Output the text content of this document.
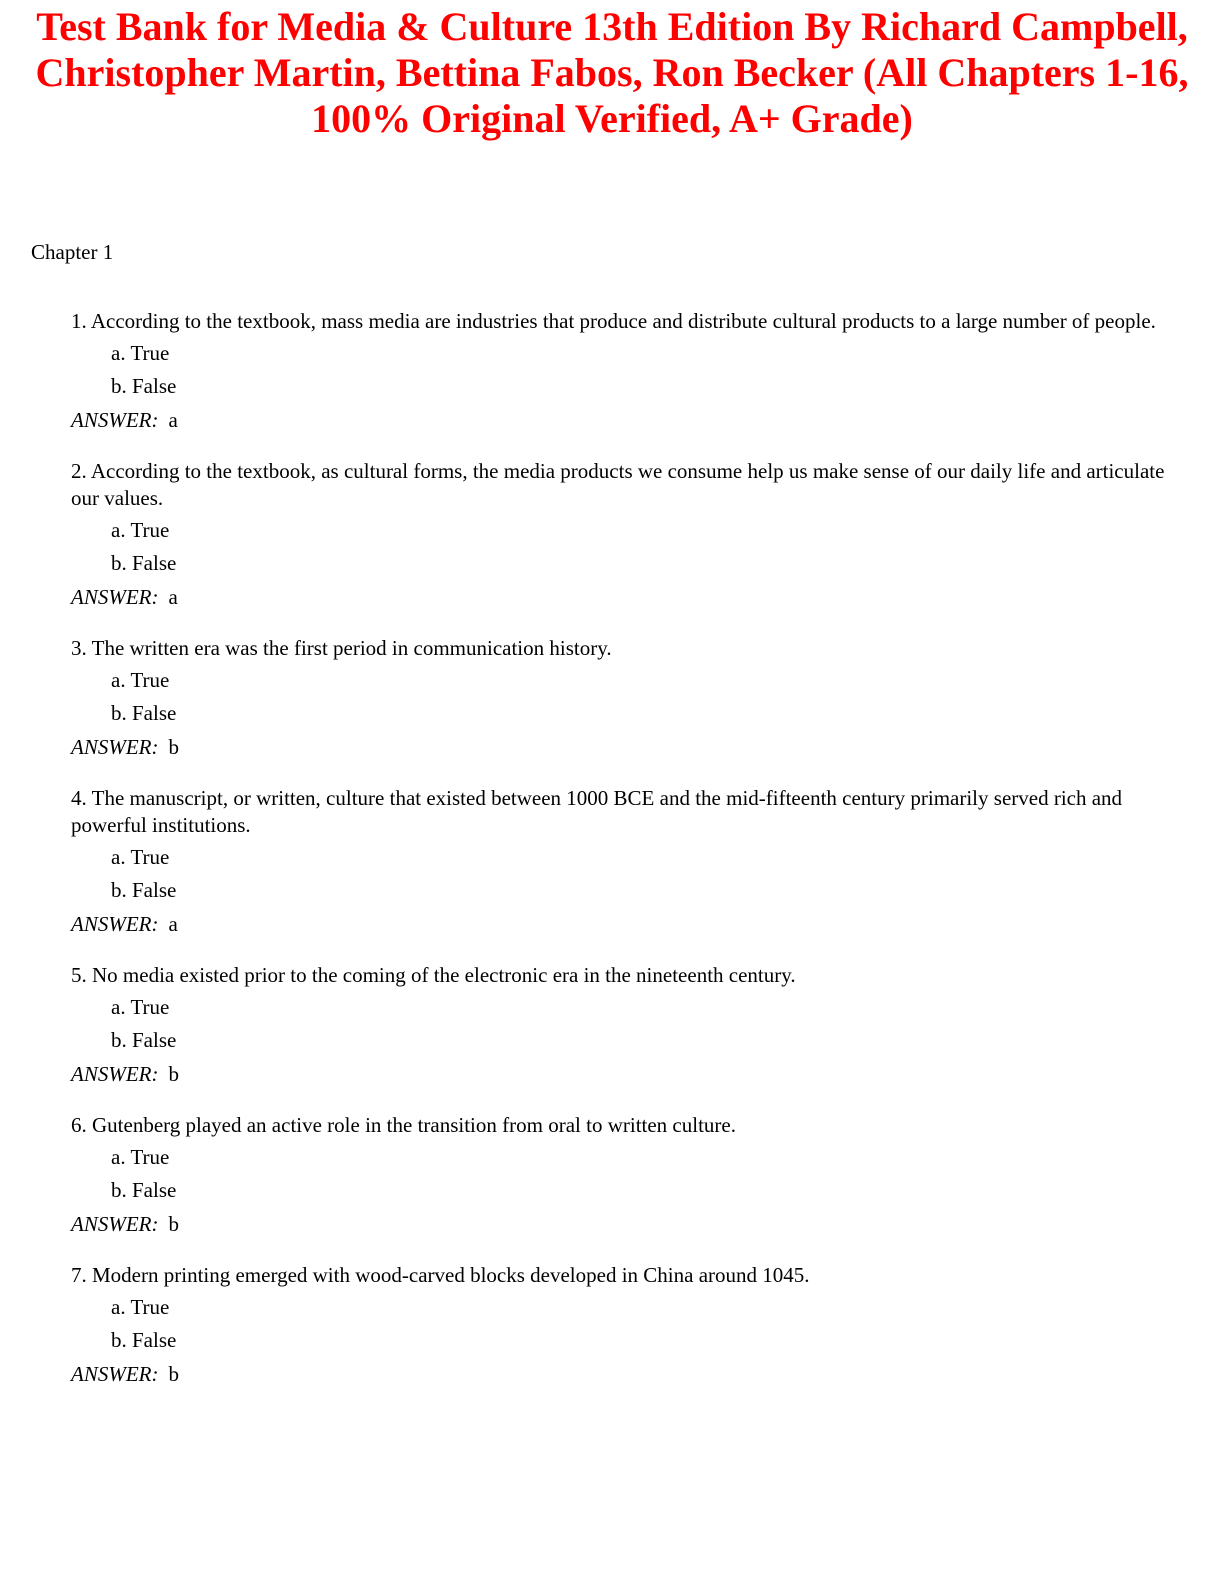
Test Bank for Media & Culture 13th Edition By Richard Campbell, Christopher Martin, Bettina Fabos, Ron Becker (All Chapters 1-16, 100% Original Verified, A+ Grade)
Chapter 1

1. According to the textbook, mass media are industries that produce and distribute cultural products to a large number of people.

a. True

b. False

ANSWER: a

2. According to the textbook, as cultural forms, the media products we consume help us make sense of our daily life and articulate our values.

a. True

b. False

ANSWER: a

3. The written era was the first period in communication history.

a. True

b. False

ANSWER: b

4. The manuscript, or written, culture that existed between 1000 BCE and the mid-fifteenth century primarily served rich and powerful institutions.

a. True

b. False

ANSWER: a

5. No media existed prior to the coming of the electronic era in the nineteenth century.

a. True

b. False

ANSWER: b

6. Gutenberg played an active role in the transition from oral to written culture.

a. True

b. False

ANSWER: b

7. Modern printing emerged with wood-carved blocks developed in China around 1045.

a. True

b. False

ANSWER: b
